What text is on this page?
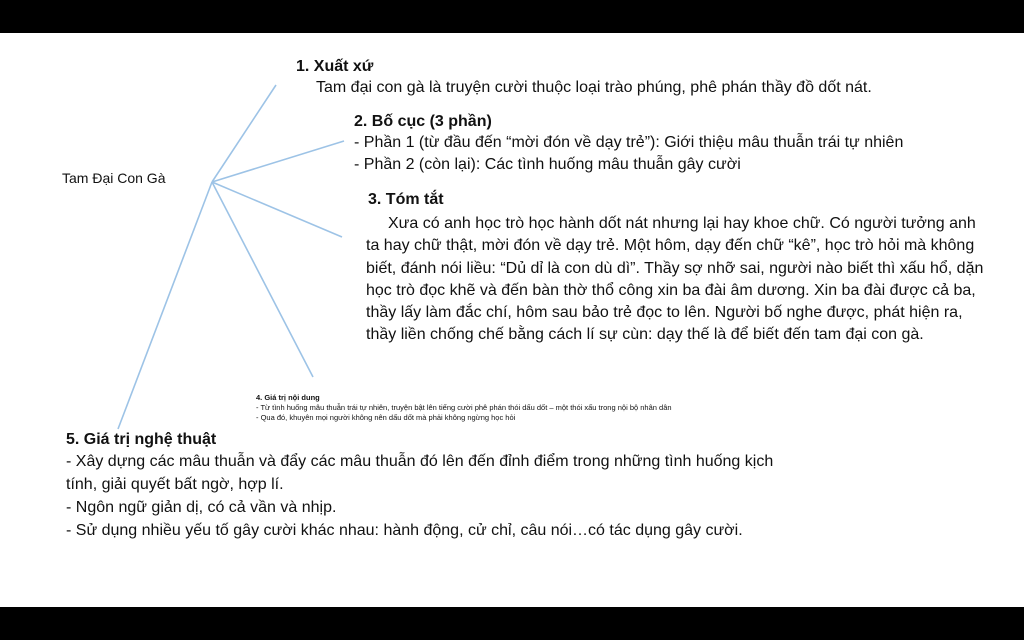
Tam Đại Con Gà
1. Xuất xứ
Tam đại con gà là truyện cười thuộc loại trào phúng, phê phán thầy đồ dốt nát.
2. Bố cục (3 phần)
- Phần 1 (từ đầu đến “mời đón về dạy trẻ”): Giới thiệu mâu thuẫn trái tự nhiên
- Phần 2 (còn lại): Các tình huống mâu thuẫn gây cười
3. Tóm tắt
Xưa có anh học trò học hành dốt nát nhưng lại hay khoe chữ. Có người tưởng anh ta hay chữ thật, mời đón về dạy trẻ. Một hôm, dạy đến chữ “kê”, học trò hỏi mà không biết, đánh nói liều: “Dủ dỉ là con dù dì”. Thầy sợ nhỡ sai, người nào biết thì xấu hổ, dặn học trò đọc khẽ và đến bàn thờ thổ công xin ba đài âm dương. Xin ba đài được cả ba, thầy lấy làm đắc chí, hôm sau bảo trẻ đọc to lên. Người bố nghe được, phát hiện ra, thầy liền chống chế bằng cách lí sự cùn: dạy thế là để biết đến tam đại con gà.
4. Giá trị nội dung
- Từ tình huống mâu thuẫn trái tự nhiên, truyện bật lên tiếng cười phê phán thói dấu dốt – một thói xấu trong nội bộ nhân dân
- Qua đó, khuyên mọi người không nên dấu dốt mà phải không ngừng học hỏi
5. Giá trị nghệ thuật
- Xây dựng các mâu thuẫn và đẩy các mâu thuẫn đó lên đến đỉnh điểm trong những tình huống kịch
tính, giải quyết bất ngờ, hợp lí.
- Ngôn ngữ giản dị, có cả vần và nhịp.
- Sử dụng nhiều yếu tố gây cười khác nhau: hành động, cử chỉ, câu nói…có tác dụng gây cười.
